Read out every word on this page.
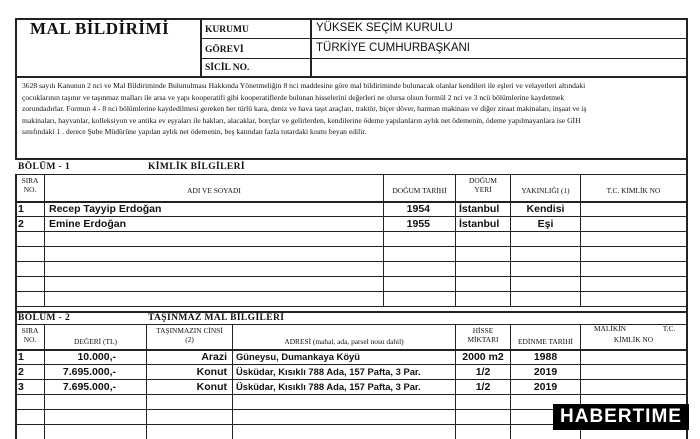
MAL BİLDİRİMİ	KURUMU	YÜKSEK SEÇİM KURULU
GÖREVİ	TÜRKİYE CUMHURBAŞKANI
SİCİL NO.
3628 sayılı Kanunun 2 nci ve Mal Bildiriminde Bulunulması Hakkında Yönetmeliğin 8 nci maddesine göre mal bildiriminde bulunacak olanlar kendileri ile eşleri ve velayetleri altındaki
çocuklarının taşınır ve taşınmaz malları ile arsa ve yapı kooperatifi gibi kooperatiflerde bulunan hisselerini değerleri ne olursa olsun formül 2 nci ve 3 ncü bölümlerine kaydetmek
zorundadırlar. Formun 4 - 8 nci bölümlerine kaydedilmesi gereken her türlü kara, deniz ve hava taşıt araçları, traktör, biçer döver, harman makinası ve diğer ziraat makinaları, inşaat ve iş
makinaları, hayvanlar, kolleksiyon ve antika ev eşyaları ile hakları, alacaklar, borçlar ve gelirlerden, kendilerine ödeme yapılanların aylık net ödemenin, ödeme yapılmayanlara ise GİH
sınıfındaki 1 . derece Şube Müdürüne yapılan aylık net ödemenin, beş katından fazla tutardaki kısmı beyan edilir.
BÖLÜM - 1	KİMLİK BİLGİLERİ
SIRA
NO.	ADI VE SOYADI	DOĞUM TARİHİ
DOĞUM
YERİ	YAKINLIĞI (1)	T.C. KİMLİK NO
1 Recep Tayyip Erdoğan	1954	İstanbul	Kendisi
2 Emine Erdoğan	1955	İstanbul	Eşi
BÖLÜM - 2	TAŞINMAZ MAL BİLGİLERİ
SIRA
NO.	DEĞERİ (TL)
TAŞINMAZIN CİNSİ
(2)	ADRESİ (mahal, ada, parsel nosu dahil)
HİSSE
MİKTARI	EDİNME TARİHİ
MALİKİN	T.C.
KİMLİK NO
1	10.000,-	Arazi Güneysu, Dumankaya Köyü	2000 m2	1988
2	7.695.000,-	Konut Üsküdar, Kısıklı 788 Ada, 157 Pafta, 3 Par.	1/2	2019
3	7.695.000,-	Konut Üsküdar, Kısıklı 788 Ada, 157 Pafta, 3 Par.	1/2	2019
HABERTIME
